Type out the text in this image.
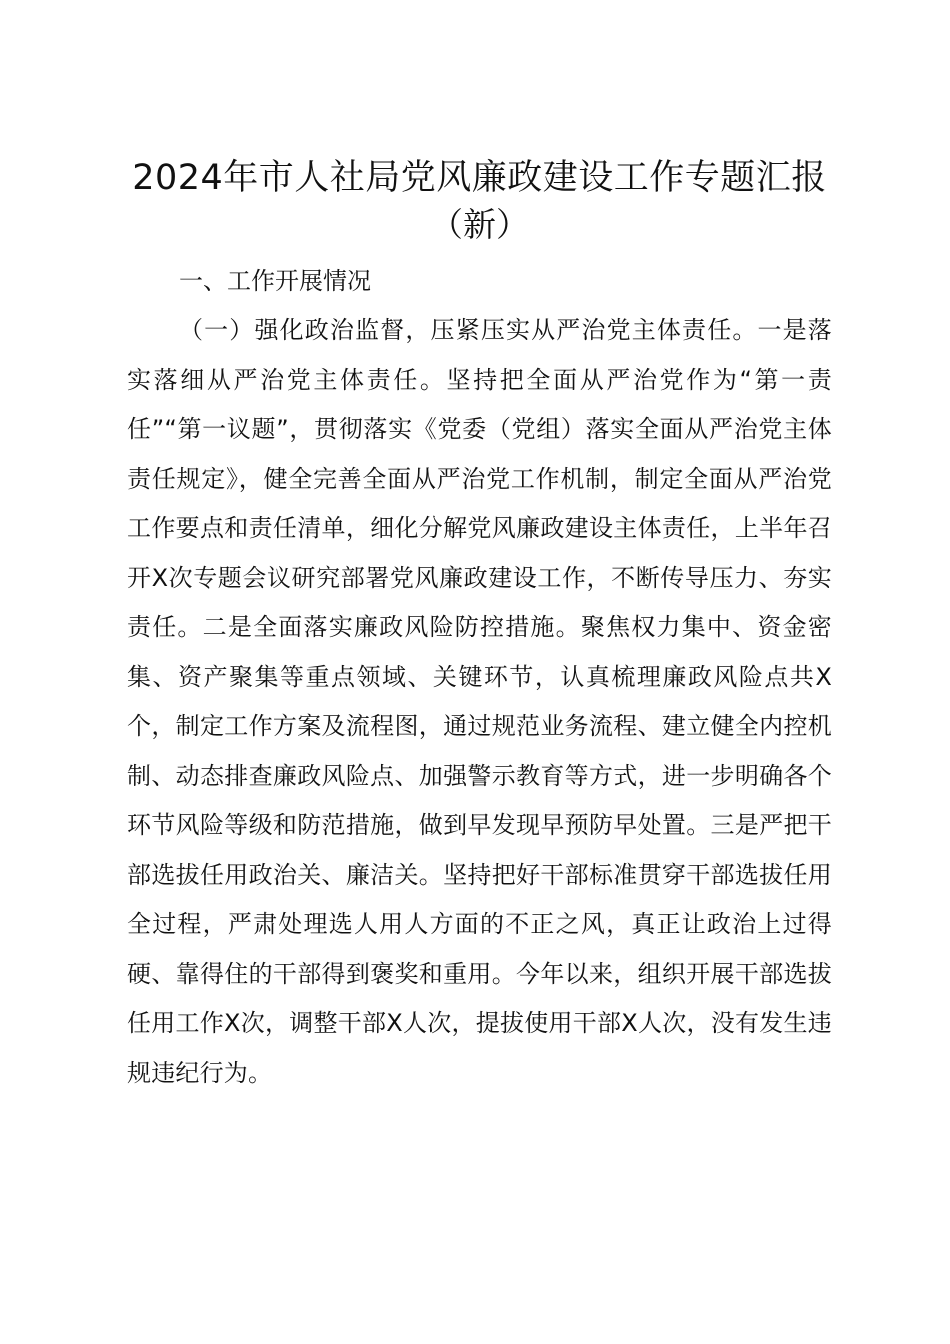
2024年市人社局党风廉政建设工作专题汇报
（新）

一、工作开展情况

（一）强化政治监督，压紧压实从严治党主体责任。一是落实落细从严治党主体责任。坚持把全面从严治党作为“第一责任”“第一议题”，贯彻落实《党委（党组）落实全面从严治党主体责任规定》，健全完善全面从严治党工作机制，制定全面从严治党工作要点和责任清单，细化分解党风廉政建设主体责任，上半年召开X次专题会议研究部署党风廉政建设工作，不断传导压力、夯实责任。二是全面落实廉政风险防控措施。聚焦权力集中、资金密集、资产聚集等重点领域、关键环节，认真梳理廉政风险点共X个，制定工作方案及流程图，通过规范业务流程、建立健全内控机制、动态排查廉政风险点、加强警示教育等方式，进一步明确各个环节风险等级和防范措施，做到早发现早预防早处置。三是严把干部选拔任用政治关、廉洁关。坚持把好干部标准贯穿干部选拔任用全过程，严肃处理选人用人方面的不正之风，真正让政治上过得硬、靠得住的干部得到褒奖和重用。今年以来，组织开展干部选拔任用工作X次，调整干部X人次，提拔使用干部X人次，没有发生违规违纪行为。
